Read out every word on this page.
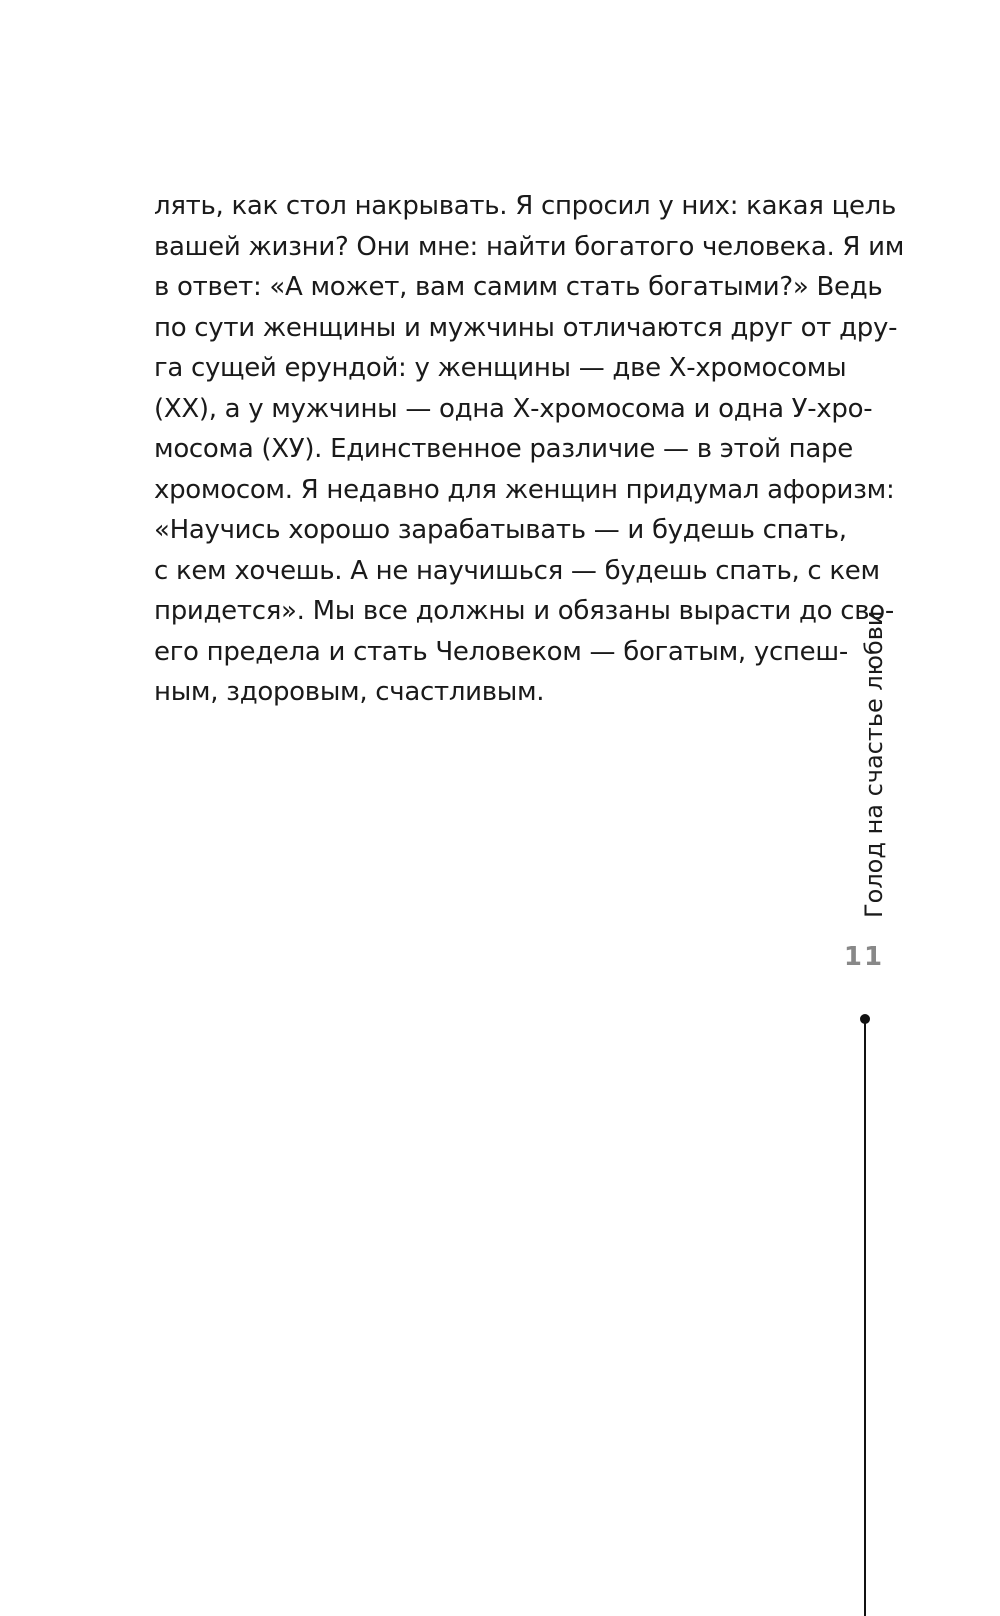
лять, как стол накрывать. Я спросил у них: какая цель
вашей жизни? Они мне: найти богатого человека. Я им
в ответ: «А может, вам самим стать богатыми?» Ведь
по сути женщины и мужчины отличаются друг от дру-
га сущей ерундой: у женщины — две Х-хромосомы
(ХХ), а у мужчины — одна Х-хромосома и одна У-хро-
мосома (ХУ). Единственное различие — в этой паре
хромосом. Я недавно для женщин придумал афоризм:
«Научись хорошо зарабатывать — и будешь спать,
с кем хочешь. А не научишься — будешь спать, с кем
придется». Мы все должны и обязаны вырасти до сво-
его предела и стать Человеком — богатым, успеш-
ным, здоровым, счастливым.	Голод на счастье любви
11
